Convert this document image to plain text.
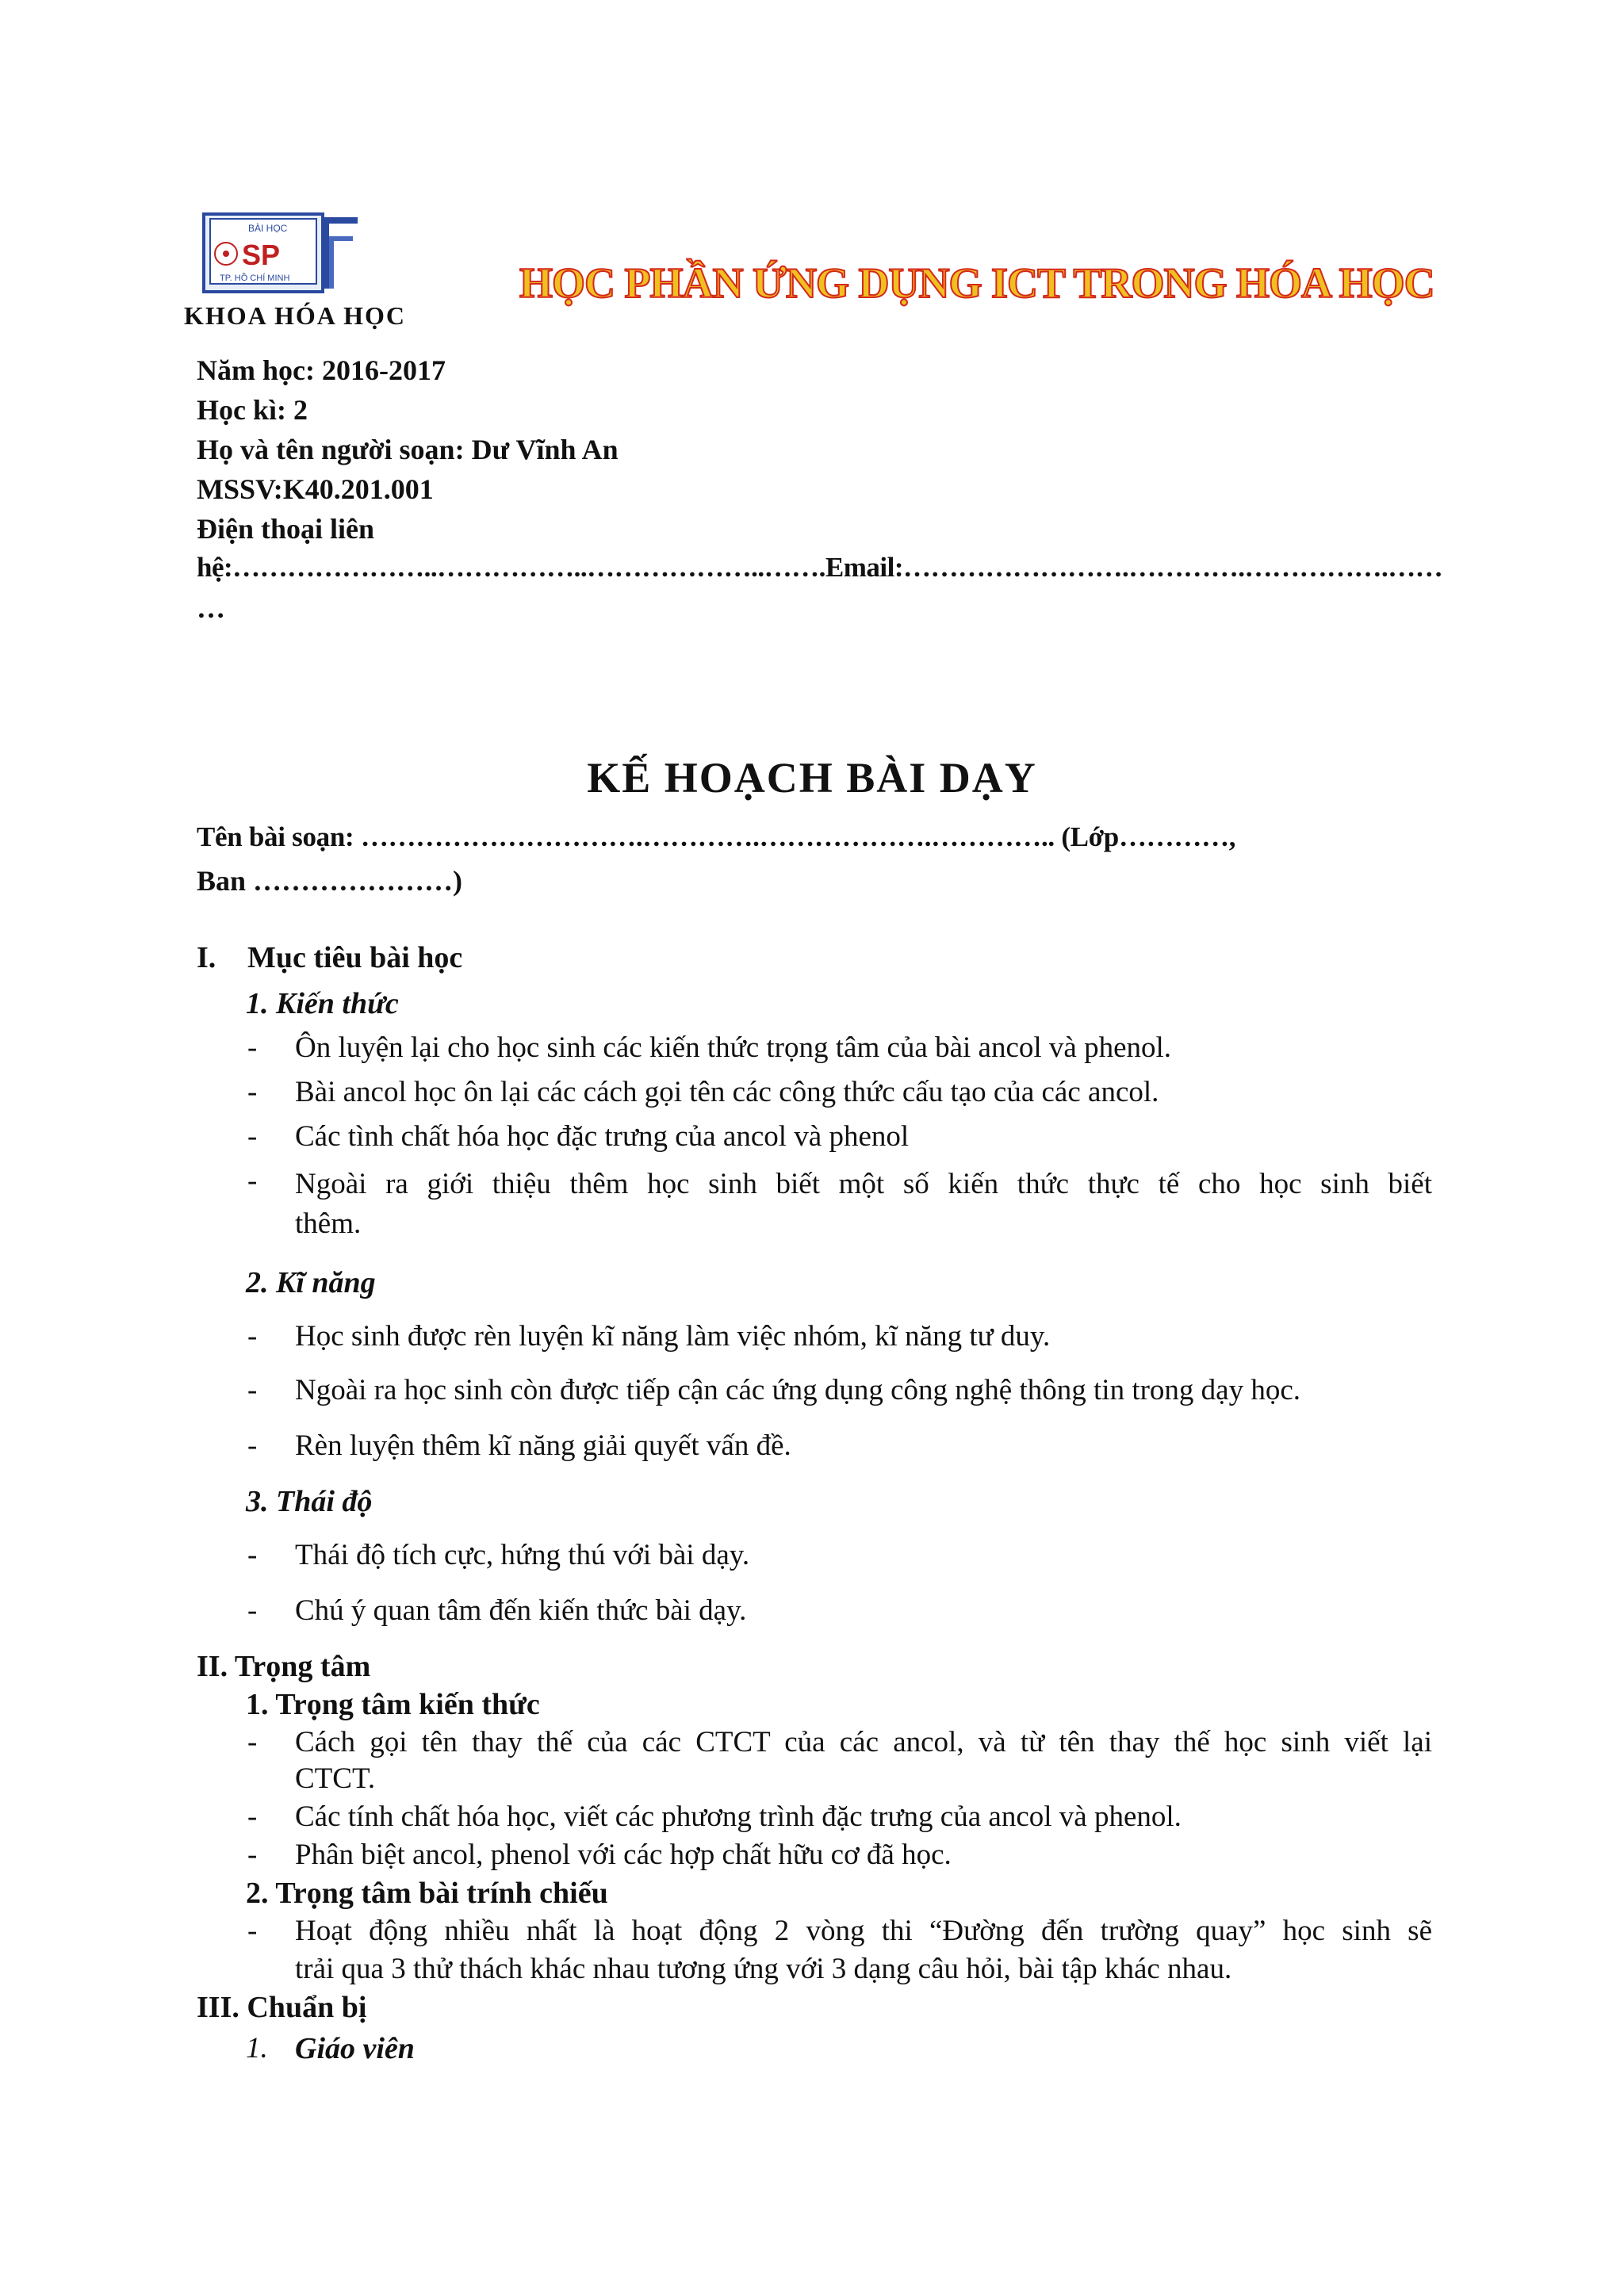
BÀI HỌC
SP
TP. HỒ CHÍ MINH
KHOA HÓA HỌC
HỌC PHẦN ỨNG DỤNG ICT TRONG HÓA HỌC
Năm học: 2016-2017
Học kì: 2
Họ và tên người soạn: Dư Vĩnh An
MSSV:K40.201.001
Điện thoại liên
hệ:…………………..……………..………………..…….Email:…………………….………….…………….……
…
KẾ HOẠCH BÀI DẠY
Tên bài soạn: ………………………….………….……………….………….. (Lớp…………,
Ban …………………)
I. Mục tiêu bài học
1. Kiến thức
- Ôn luyện lại cho học sinh các kiến thức trọng tâm của bài ancol và phenol.
- Bài ancol học ôn lại các cách gọi tên các công thức cấu tạo của các ancol.
- Các tình chất hóa học đặc trưng của ancol và phenol
- Ngoài ra giới thiệu thêm học sinh biết một số kiến thức thực tế cho học sinh biết
thêm.
2. Kĩ năng
- Học sinh được rèn luyện kĩ năng làm việc nhóm, kĩ năng tư duy.
- Ngoài ra học sinh còn được tiếp cận các ứng dụng công nghệ thông tin trong dạy học.
- Rèn luyện thêm kĩ năng giải quyết vấn đề.
3. Thái độ
- Thái độ tích cực, hứng thú với bài dạy.
- Chú ý quan tâm đến kiến thức bài dạy.
II. Trọng tâm
1. Trọng tâm kiến thức
- Cách gọi tên thay thế của các CTCT của các ancol, và từ tên thay thế học sinh viết lại
CTCT.
- Các tính chất hóa học, viết các phương trình đặc trưng của ancol và phenol.
- Phân biệt ancol, phenol với các hợp chất hữu cơ đã học.
2. Trọng tâm bài trính chiếu
- Hoạt động nhiều nhất là hoạt động 2 vòng thi “Đường đến trường quay” học sinh sẽ
trải qua 3 thử thách khác nhau tương ứng với 3 dạng câu hỏi, bài tập khác nhau.
III. Chuẩn bị
1. Giáo viên
